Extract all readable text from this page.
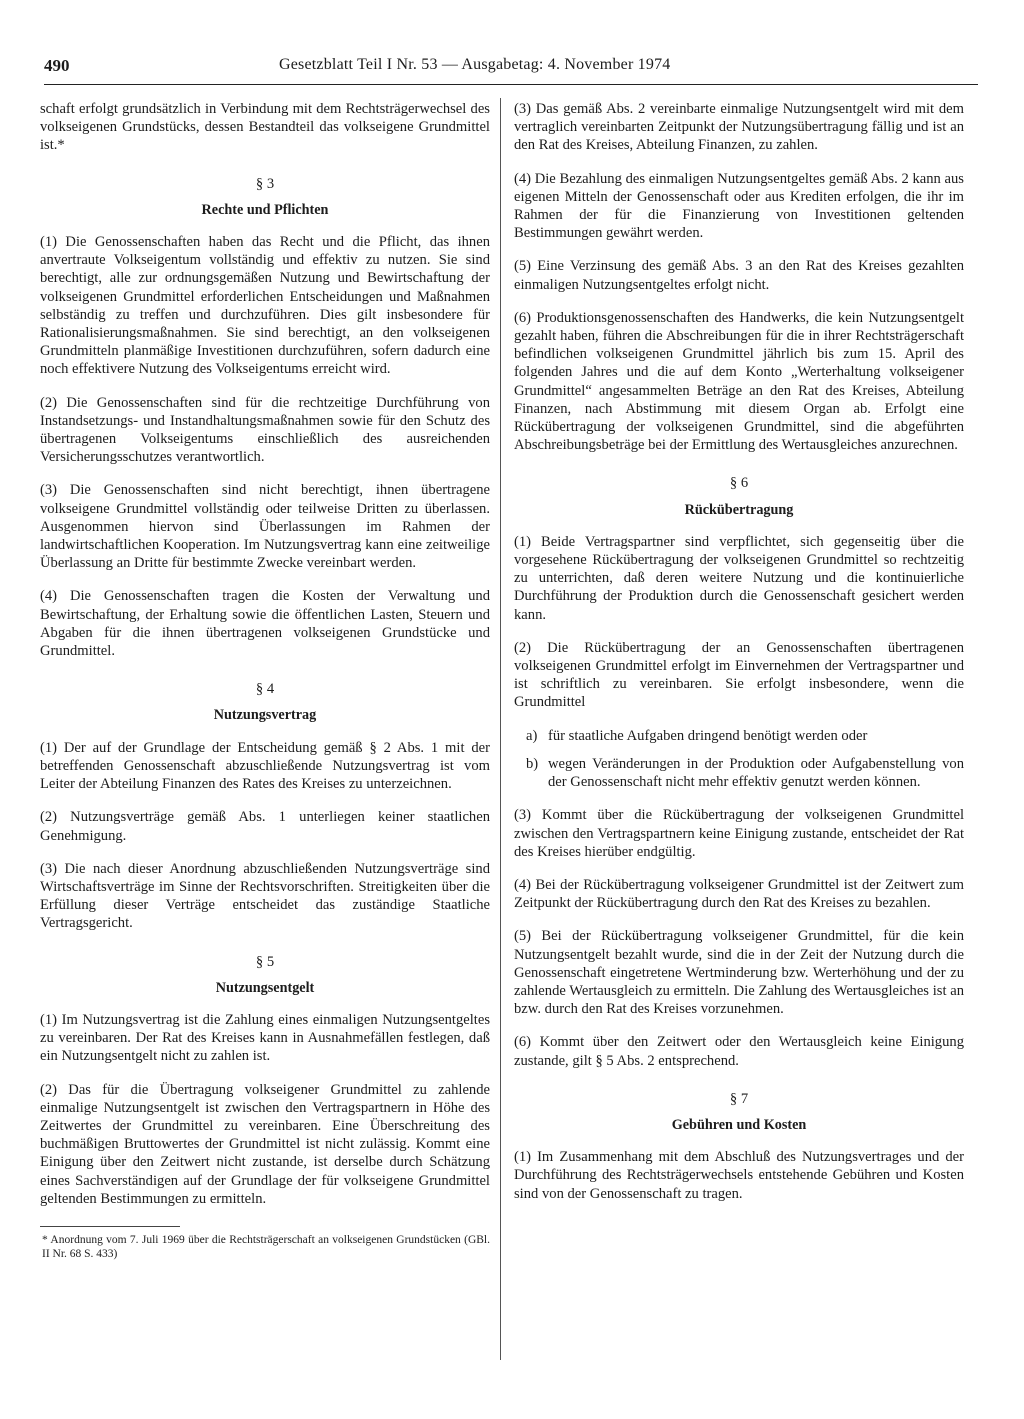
490	Gesetzblatt Teil I Nr. 53 — Ausgabetag: 4. November 1974

schaft erfolgt grundsätzlich in Verbindung mit dem Rechtsträgerwechsel des volkseigenen Grundstücks, dessen Bestandteil das volkseigene Grundmittel ist.*

§ 3
Rechte und Pflichten

(1) Die Genossenschaften haben das Recht und die Pflicht, das ihnen anvertraute Volkseigentum vollständig und effektiv zu nutzen. Sie sind berechtigt, alle zur ordnungsgemäßen Nutzung und Bewirtschaftung der volkseigenen Grundmittel erforderlichen Entscheidungen und Maßnahmen selbständig zu treffen und durchzuführen. Dies gilt insbesondere für Rationalisierungsmaßnahmen. Sie sind berechtigt, an den volkseigenen Grundmitteln planmäßige Investitionen durchzuführen, sofern dadurch eine noch effektivere Nutzung des Volkseigentums erreicht wird.

(2) Die Genossenschaften sind für die rechtzeitige Durchführung von Instandsetzungs- und Instandhaltungsmaßnahmen sowie für den Schutz des übertragenen Volkseigentums einschließlich des ausreichenden Versicherungsschutzes verantwortlich.

(3) Die Genossenschaften sind nicht berechtigt, ihnen übertragene volkseigene Grundmittel vollständig oder teilweise Dritten zu überlassen. Ausgenommen hiervon sind Überlassungen im Rahmen der landwirtschaftlichen Kooperation. Im Nutzungsvertrag kann eine zeitweilige Überlassung an Dritte für bestimmte Zwecke vereinbart werden.

(4) Die Genossenschaften tragen die Kosten der Verwaltung und Bewirtschaftung, der Erhaltung sowie die öffentlichen Lasten, Steuern und Abgaben für die ihnen übertragenen volkseigenen Grundstücke und Grundmittel.

§ 4
Nutzungsvertrag

(1) Der auf der Grundlage der Entscheidung gemäß § 2 Abs. 1 mit der betreffenden Genossenschaft abzuschließende Nutzungsvertrag ist vom Leiter der Abteilung Finanzen des Rates des Kreises zu unterzeichnen.

(2) Nutzungsverträge gemäß Abs. 1 unterliegen keiner staatlichen Genehmigung.

(3) Die nach dieser Anordnung abzuschließenden Nutzungsverträge sind Wirtschaftsverträge im Sinne der Rechtsvorschriften. Streitigkeiten über die Erfüllung dieser Verträge entscheidet das zuständige Staatliche Vertragsgericht.

§ 5
Nutzungsentgelt

(1) Im Nutzungsvertrag ist die Zahlung eines einmaligen Nutzungsentgeltes zu vereinbaren. Der Rat des Kreises kann in Ausnahmefällen festlegen, daß ein Nutzungsentgelt nicht zu zahlen ist.

(2) Das für die Übertragung volkseigener Grundmittel zu zahlende einmalige Nutzungsentgelt ist zwischen den Vertragspartnern in Höhe des Zeitwertes der Grundmittel zu vereinbaren. Eine Überschreitung des buchmäßigen Bruttowertes der Grundmittel ist nicht zulässig. Kommt eine Einigung über den Zeitwert nicht zustande, ist derselbe durch Schätzung eines Sachverständigen auf der Grundlage der für volkseigene Grundmittel geltenden Bestimmungen zu ermitteln.

* Anordnung vom 7. Juli 1969 über die Rechtsträgerschaft an volkseigenen Grundstücken (GBl. II Nr. 68 S. 433)

(3) Das gemäß Abs. 2 vereinbarte einmalige Nutzungsentgelt wird mit dem vertraglich vereinbarten Zeitpunkt der Nutzungsübertragung fällig und ist an den Rat des Kreises, Abteilung Finanzen, zu zahlen.

(4) Die Bezahlung des einmaligen Nutzungsentgeltes gemäß Abs. 2 kann aus eigenen Mitteln der Genossenschaft oder aus Krediten erfolgen, die ihr im Rahmen der für die Finanzierung von Investitionen geltenden Bestimmungen gewährt werden.

(5) Eine Verzinsung des gemäß Abs. 3 an den Rat des Kreises gezahlten einmaligen Nutzungsentgeltes erfolgt nicht.

(6) Produktionsgenossenschaften des Handwerks, die kein Nutzungsentgelt gezahlt haben, führen die Abschreibungen für die in ihrer Rechtsträgerschaft befindlichen volkseigenen Grundmittel jährlich bis zum 15. April des folgenden Jahres und die auf dem Konto „Werterhaltung volkseigener Grundmittel“ angesammelten Beträge an den Rat des Kreises, Abteilung Finanzen, nach Abstimmung mit diesem Organ ab. Erfolgt eine Rückübertragung der volkseigenen Grundmittel, sind die abgeführten Abschreibungsbeträge bei der Ermittlung des Wertausgleiches anzurechnen.

§ 6
Rückübertragung

(1) Beide Vertragspartner sind verpflichtet, sich gegenseitig über die vorgesehene Rückübertragung der volkseigenen Grundmittel so rechtzeitig zu unterrichten, daß deren weitere Nutzung und die kontinuierliche Durchführung der Produktion durch die Genossenschaft gesichert werden kann.

(2) Die Rückübertragung der an Genossenschaften übertragenen volkseigenen Grundmittel erfolgt im Einvernehmen der Vertragspartner und ist schriftlich zu vereinbaren. Sie erfolgt insbesondere, wenn die Grundmittel

a) für staatliche Aufgaben dringend benötigt werden oder
b) wegen Veränderungen in der Produktion oder Aufgabenstellung von der Genossenschaft nicht mehr effektiv genutzt werden können.

(3) Kommt über die Rückübertragung der volkseigenen Grundmittel zwischen den Vertragspartnern keine Einigung zustande, entscheidet der Rat des Kreises hierüber endgültig.

(4) Bei der Rückübertragung volkseigener Grundmittel ist der Zeitwert zum Zeitpunkt der Rückübertragung durch den Rat des Kreises zu bezahlen.

(5) Bei der Rückübertragung volkseigener Grundmittel, für die kein Nutzungsentgelt bezahlt wurde, sind die in der Zeit der Nutzung durch die Genossenschaft eingetretene Wertminderung bzw. Werterhöhung und der zu zahlende Wertausgleich zu ermitteln. Die Zahlung des Wertausgleiches ist an bzw. durch den Rat des Kreises vorzunehmen.

(6) Kommt über den Zeitwert oder den Wertausgleich keine Einigung zustande, gilt § 5 Abs. 2 entsprechend.

§ 7
Gebühren und Kosten

(1) Im Zusammenhang mit dem Abschluß des Nutzungsvertrages und der Durchführung des Rechtsträgerwechsels entstehende Gebühren und Kosten sind von der Genossenschaft zu tragen.
